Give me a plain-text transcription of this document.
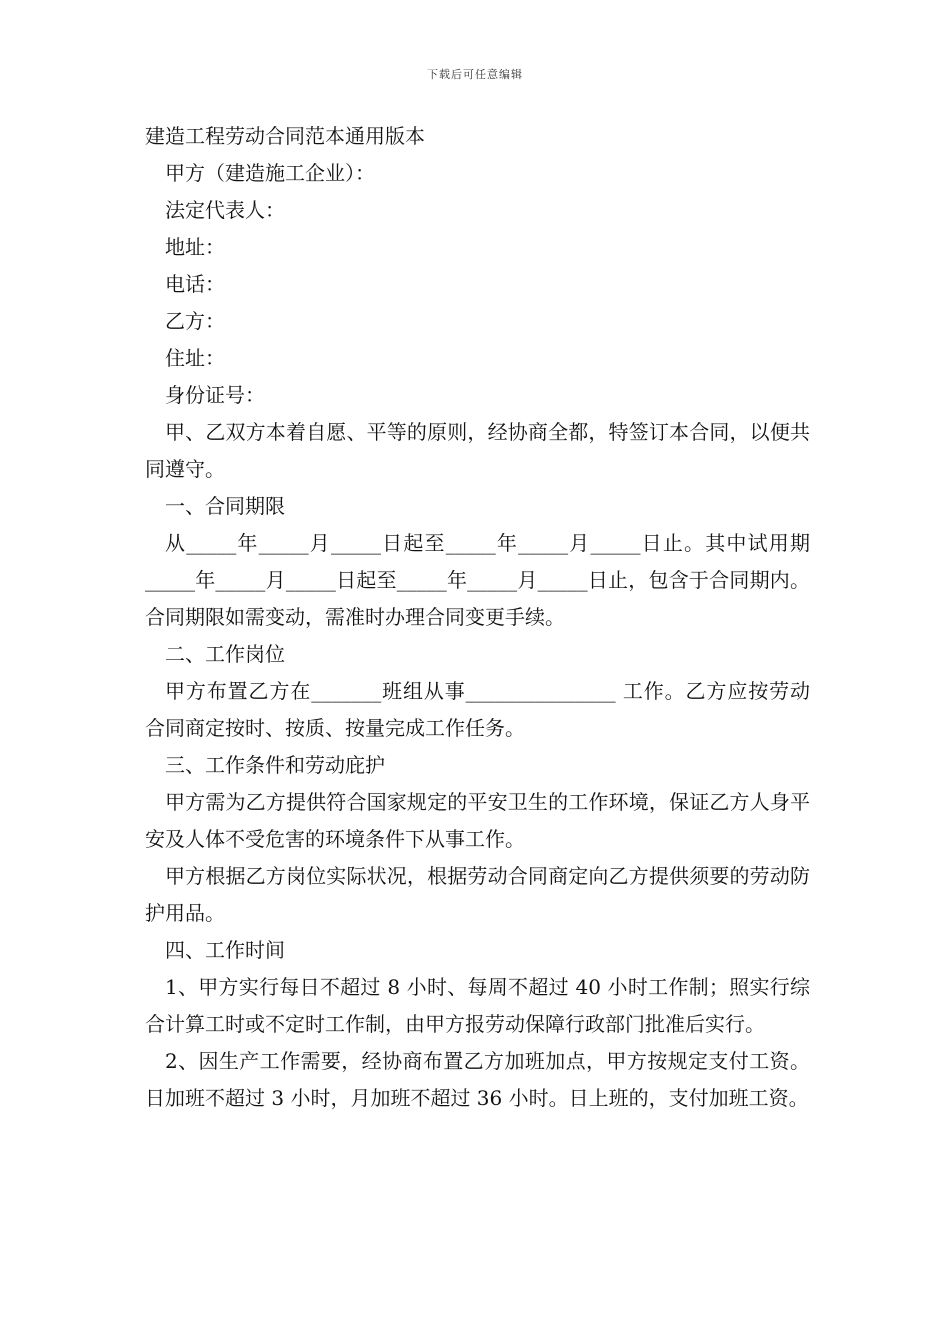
下载后可任意编辑

建造工程劳动合同范本通用版本

甲方（建造施工企业）：

法定代表人：

地址：

电话：

乙方：

住址：

身份证号：

甲、乙双方本着自愿、平等的原则，经协商全都，特签订本合同，以便共同遵守。

一、合同期限

从_____年_____月_____日起至_____年_____月_____日止。其中试用期_____年_____月_____日起至_____年_____月_____日止，包含于合同期内。合同期限如需变动，需准时办理合同变更手续。

二、工作岗位

甲方布置乙方在_______班组从事_______________ 工作。乙方应按劳动合同商定按时、按质、按量完成工作任务。

三、工作条件和劳动庇护

甲方需为乙方提供符合国家规定的平安卫生的工作环境，保证乙方人身平安及人体不受危害的环境条件下从事工作。

甲方根据乙方岗位实际状况，根据劳动合同商定向乙方提供须要的劳动防护用品。

四、工作时间

1、甲方实行每日不超过 8 小时、每周不超过 40 小时工作制；照实行综合计算工时或不定时工作制，由甲方报劳动保障行政部门批准后实行。

2、因生产工作需要，经协商布置乙方加班加点，甲方按规定支付工资。日加班不超过 3 小时，月加班不超过 36 小时。日上班的，支付加班工资。
